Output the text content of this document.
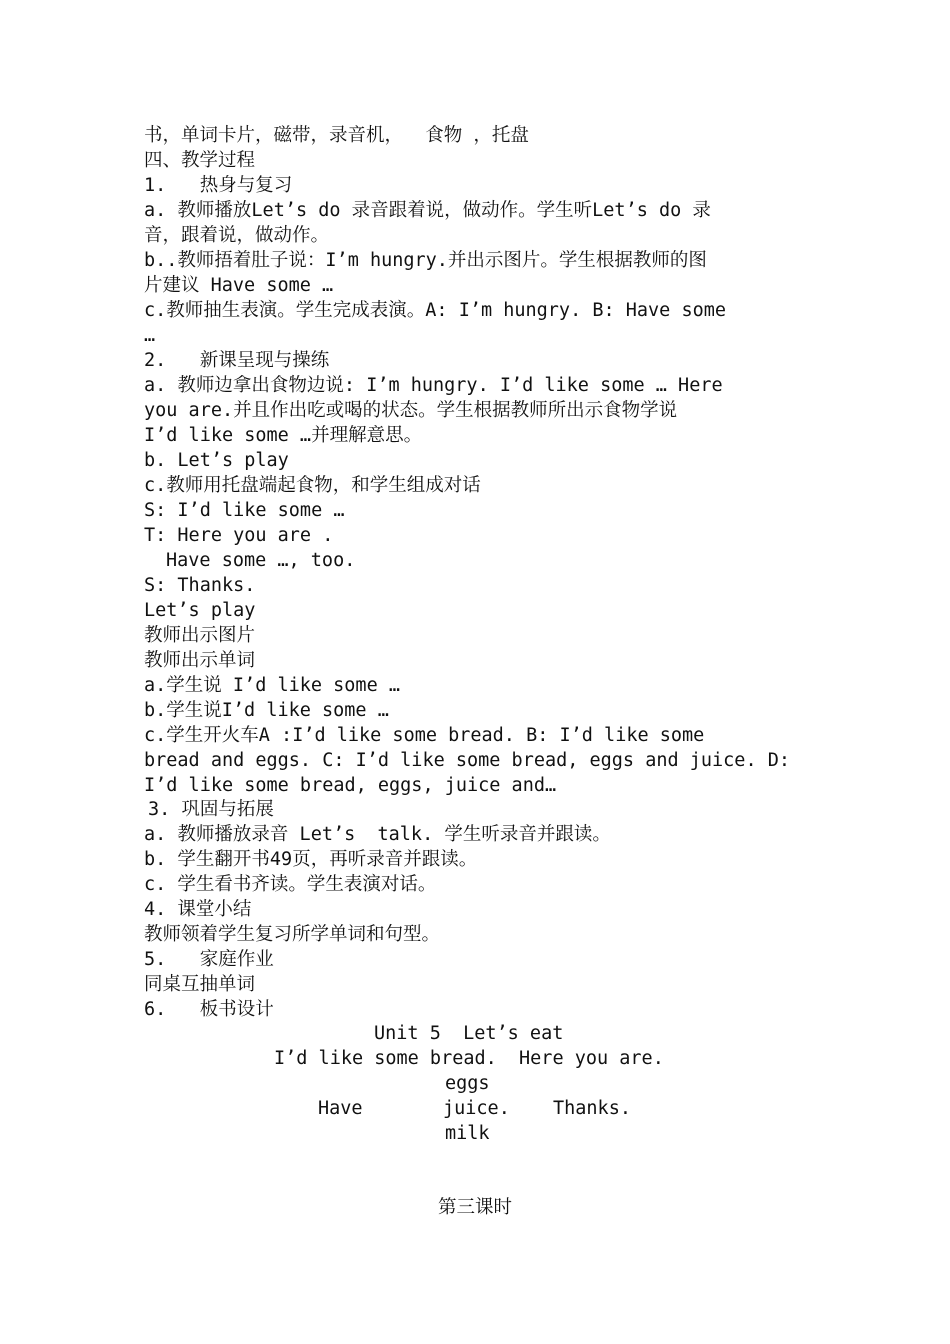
书，单词卡片，磁带，录音机，  食物 ，托盘

四、教学过程

1.   热身与复习

a. 教师播放Let’s do 录音跟着说，做动作。学生听Let’s do 录

音，跟着说，做动作。

b..教师捂着肚子说：I’m hungry.并出示图片。学生根据教师的图

片建议 Have some …

c.教师抽生表演。学生完成表演。A: I’m hungry. B: Have some

…

2.   新课呈现与操练

a. 教师边拿出食物边说: I’m hungry. I’d like some … Here

you are.并且作出吃或喝的状态。学生根据教师所出示食物学说

I’d like some …并理解意思。

b. Let’s play

c.教师用托盘端起食物，和学生组成对话

S: I’d like some …

T: Here you are .

Have some …, too.

S: Thanks.

Let’s play

教师出示图片

教师出示单词

a.学生说 I’d like some …

b.学生说I’d like some …

c.学生开火车A :I’d like some bread. B: I’d like some

bread and eggs. C: I’d like some bread, eggs and juice. D:

I’d like some bread, eggs, juice and…

3. 巩固与拓展

a. 教师播放录音 Let’s  talk. 学生听录音并跟读。

b. 学生翻开书49页，再听录音并跟读。

c. 学生看书齐读。学生表演对话。

4. 课堂小结

教师领着学生复习所学单词和句型。

5.   家庭作业

同桌互抽单词

6.   板书设计

Unit 5  Let’s eat
I’d like some bread.  Here you are.
eggs
Have	juice. Thanks.
milk
第三课时
